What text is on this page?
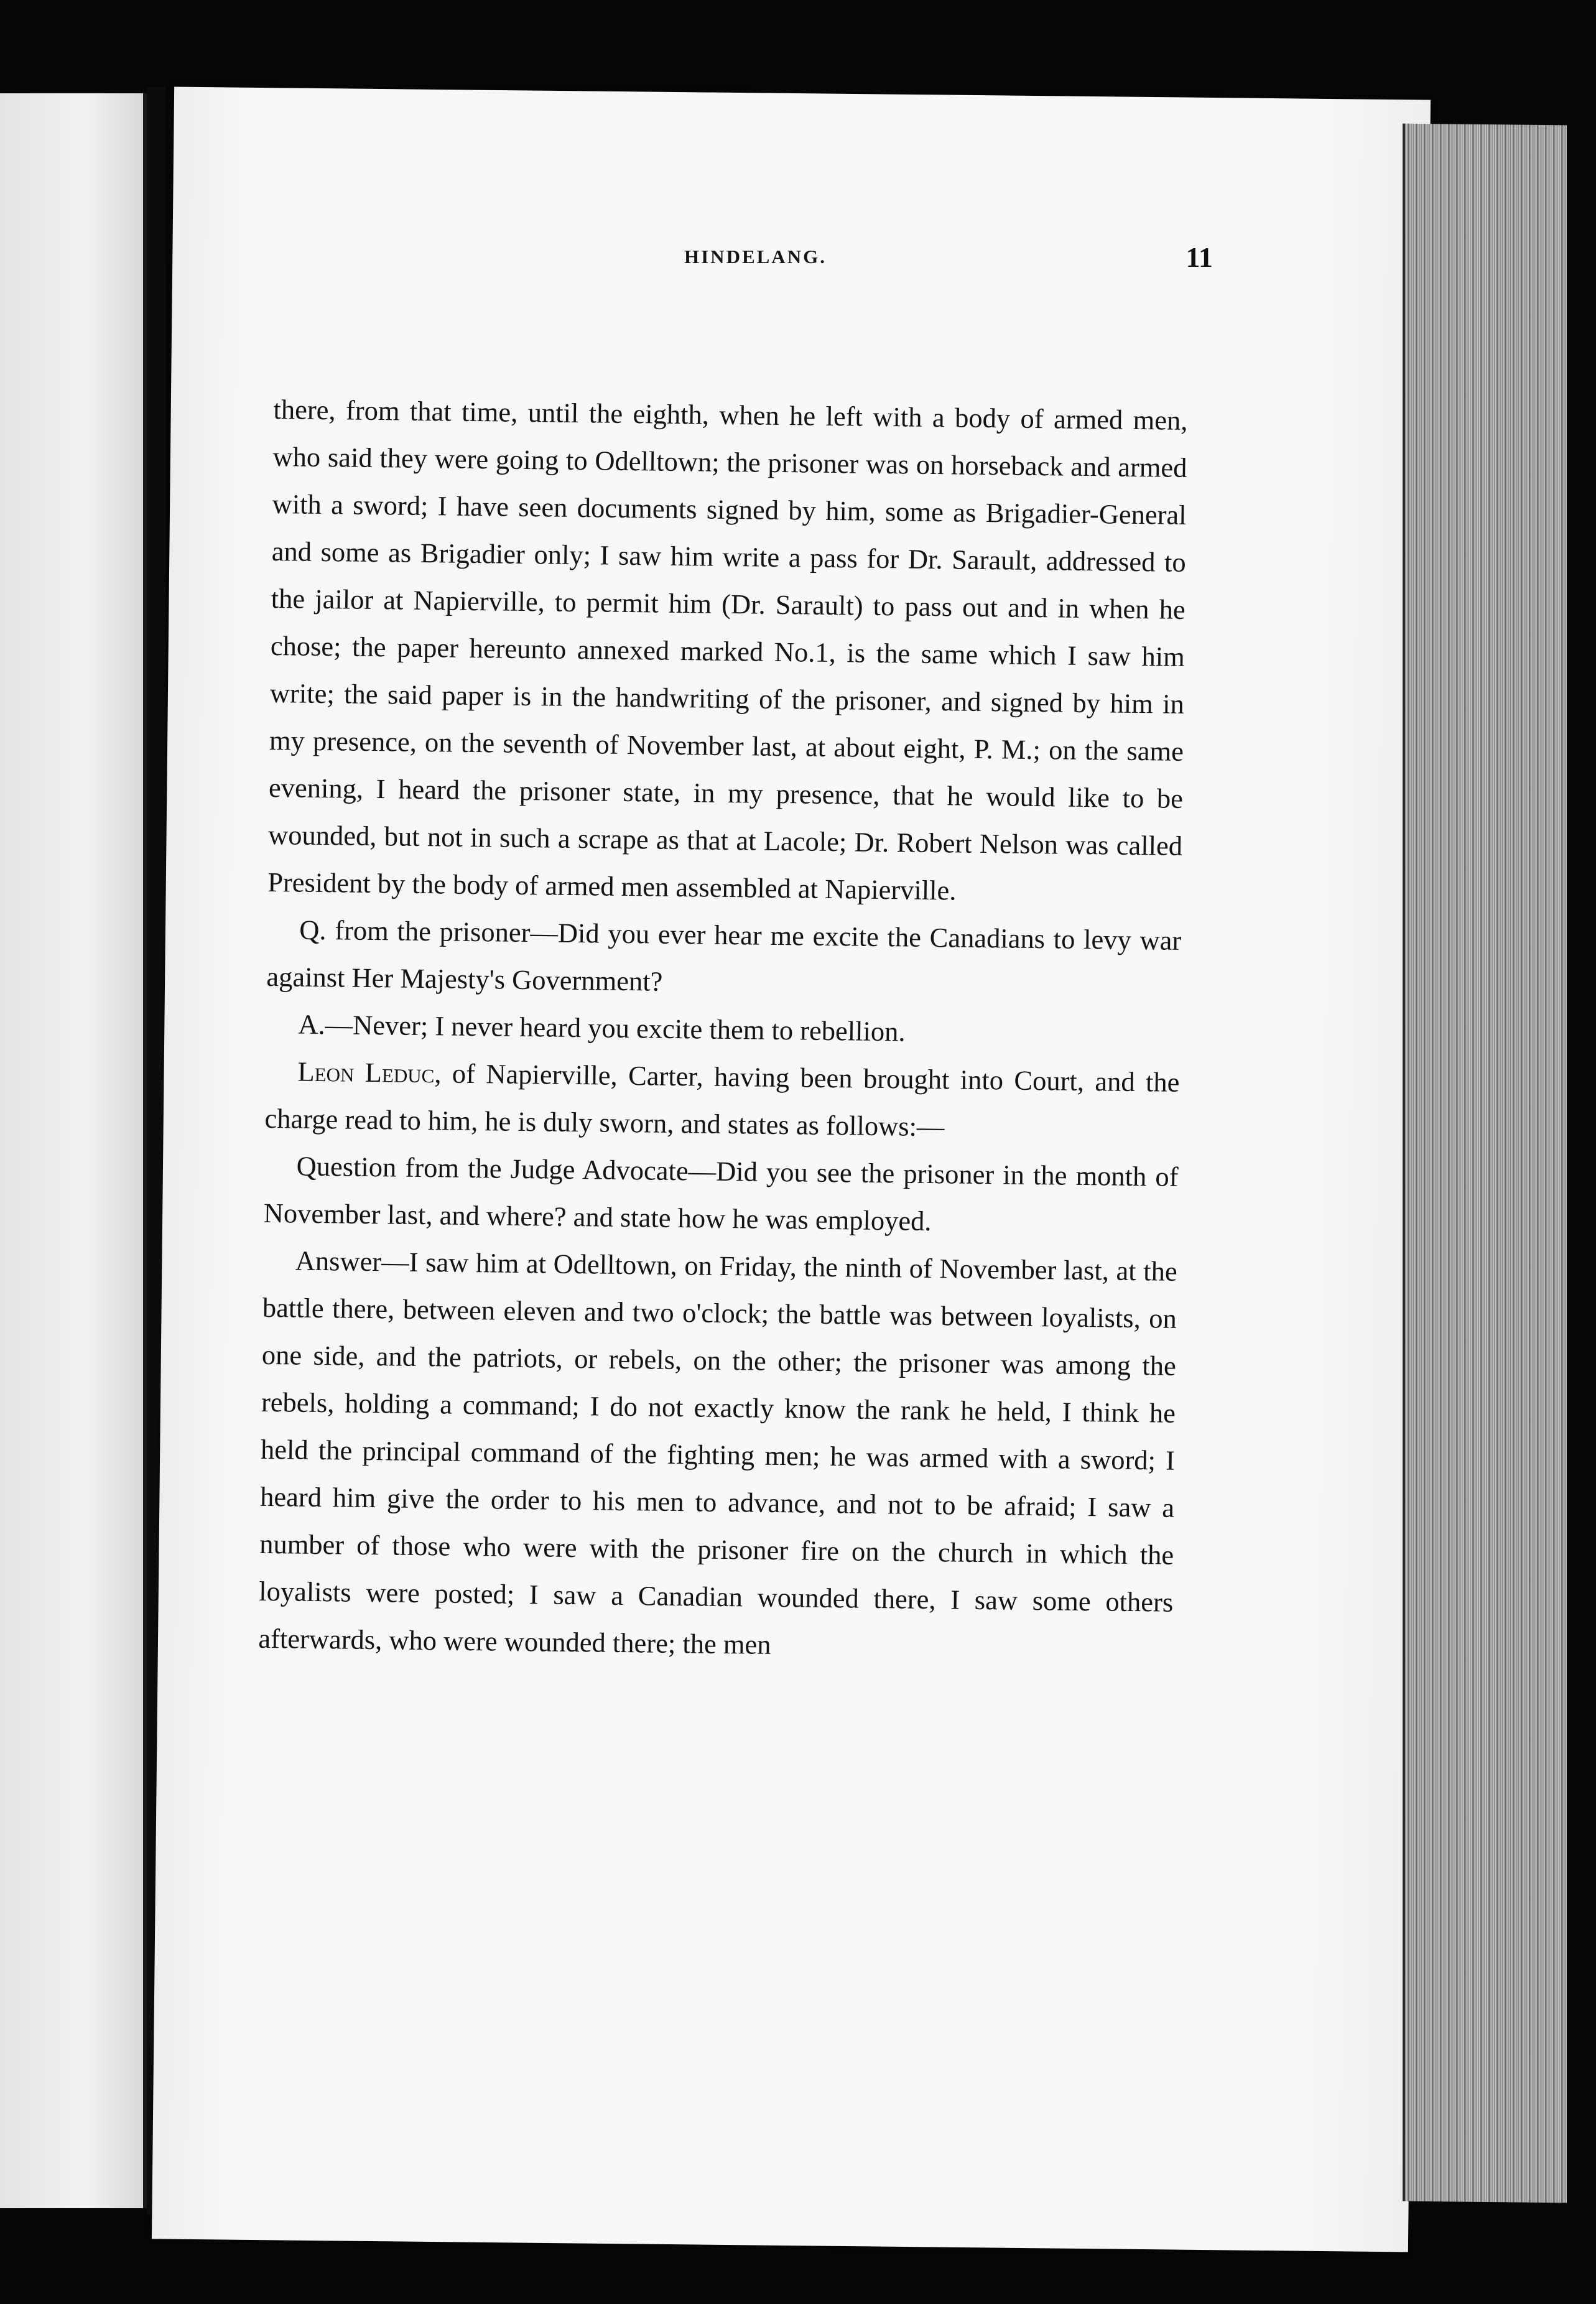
HINDELANG.	11

there, from that time, until the eighth, when he left with a body of armed men, who said they were going to Odelltown; the prisoner was on horseback and armed with a sword; I have seen documents signed by him, some as Brigadier-General and some as Brigadier only; I saw him write a pass for Dr. Sarault, addressed to the jailor at Napierville, to permit him (Dr. Sarault) to pass out and in when he chose; the paper hereunto annexed marked No.1, is the same which I saw him write; the said paper is in the handwriting of the prisoner, and signed by him in my presence, on the seventh of November last, at about eight, P. M.; on the same evening, I heard the prisoner state, in my presence, that he would like to be wounded, but not in such a scrape as that at Lacole; Dr. Robert Nelson was called President by the body of armed men assembled at Napierville.

Q. from the prisoner—Did you ever hear me excite the Canadians to levy war against Her Majesty's Government?

A.—Never; I never heard you excite them to rebellion.

Leon Leduc, of Napierville, Carter, having been brought into Court, and the charge read to him, he is duly sworn, and states as follows:—

Question from the Judge Advocate—Did you see the prisoner in the month of November last, and where? and state how he was employed.

Answer—I saw him at Odelltown, on Friday, the ninth of November last, at the battle there, between eleven and two o'clock; the battle was between loyalists, on one side, and the patriots, or rebels, on the other; the prisoner was among the rebels, holding a command; I do not exactly know the rank he held, I think he held the principal command of the fighting men; he was armed with a sword; I heard him give the order to his men to advance, and not to be afraid; I saw a number of those who were with the prisoner fire on the church in which the loyalists were posted; I saw a Canadian wounded there, I saw some others afterwards, who were wounded there; the men
